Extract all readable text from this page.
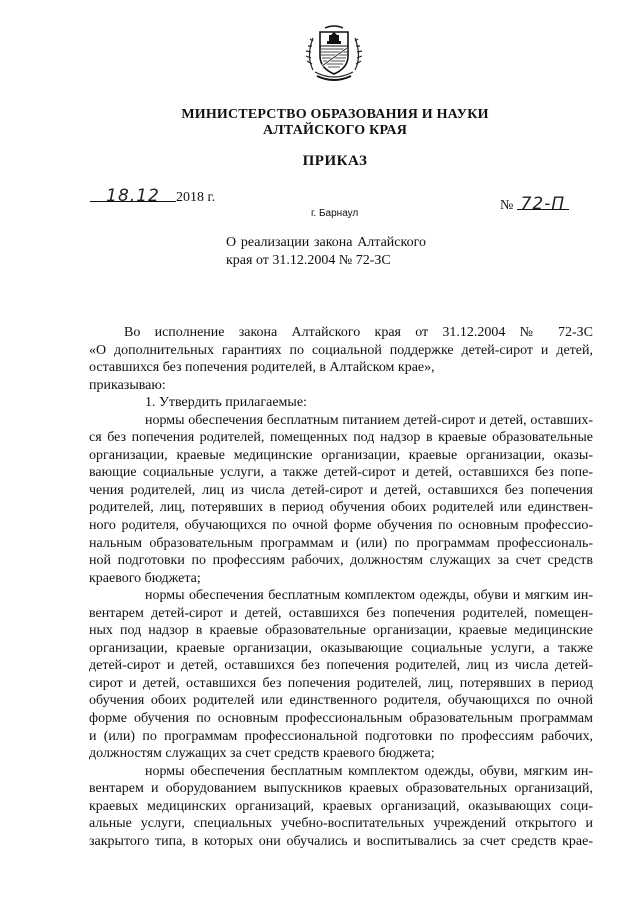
МИНИСТЕРСТВО ОБРАЗОВАНИЯ И НАУКИ
АЛТАЙСКОГО КРАЯ
ПРИКАЗ
18.12 2018 г.
№ 72-П
г. Барнаул
О реализации закона Алтайского
края от 31.12.2004 № 72-ЗС
Во исполнение закона Алтайского края от 31.12.2004 № 72-ЗС
«О дополнительных гарантиях по социальной поддержке детей-сирот и детей,
оставшихся без попечения родителей, в Алтайском крае»,
приказываю:
1. Утвердить прилагаемые:
нормы обеспечения бесплатным питанием детей-сирот и детей, оставших-
ся без попечения родителей, помещенных под надзор в краевые образовательные
организации, краевые медицинские организации, краевые организации, оказы-
вающие социальные услуги, а также детей-сирот и детей, оставшихся без попе-
чения родителей, лиц из числа детей-сирот и детей, оставшихся без попечения
родителей, лиц, потерявших в период обучения обоих родителей или единствен-
ного родителя, обучающихся по очной форме обучения по основным профессио-
нальным образовательным программам и (или) по программам профессиональ-
ной подготовки по профессиям рабочих, должностям служащих за счет средств
краевого бюджета;
нормы обеспечения бесплатным комплектом одежды, обуви и мягким ин-
вентарем детей-сирот и детей, оставшихся без попечения родителей, помещен-
ных под надзор в краевые образовательные организации, краевые медицинские
организации, краевые организации, оказывающие социальные услуги, а также
детей-сирот и детей, оставшихся без попечения родителей, лиц из числа детей-
сирот и детей, оставшихся без попечения родителей, лиц, потерявших в период
обучения обоих родителей или единственного родителя, обучающихся по очной
форме обучения по основным профессиональным образовательным программам
и (или) по программам профессиональной подготовки по профессиям рабочих,
должностям служащих за счет средств краевого бюджета;
нормы обеспечения бесплатным комплектом одежды, обуви, мягким ин-
вентарем и оборудованием выпускников краевых образовательных организаций,
краевых медицинских организаций, краевых организаций, оказывающих соци-
альные услуги, специальных учебно-воспитательных учреждений открытого и
закрытого типа, в которых они обучались и воспитывались за счет средств крае-
